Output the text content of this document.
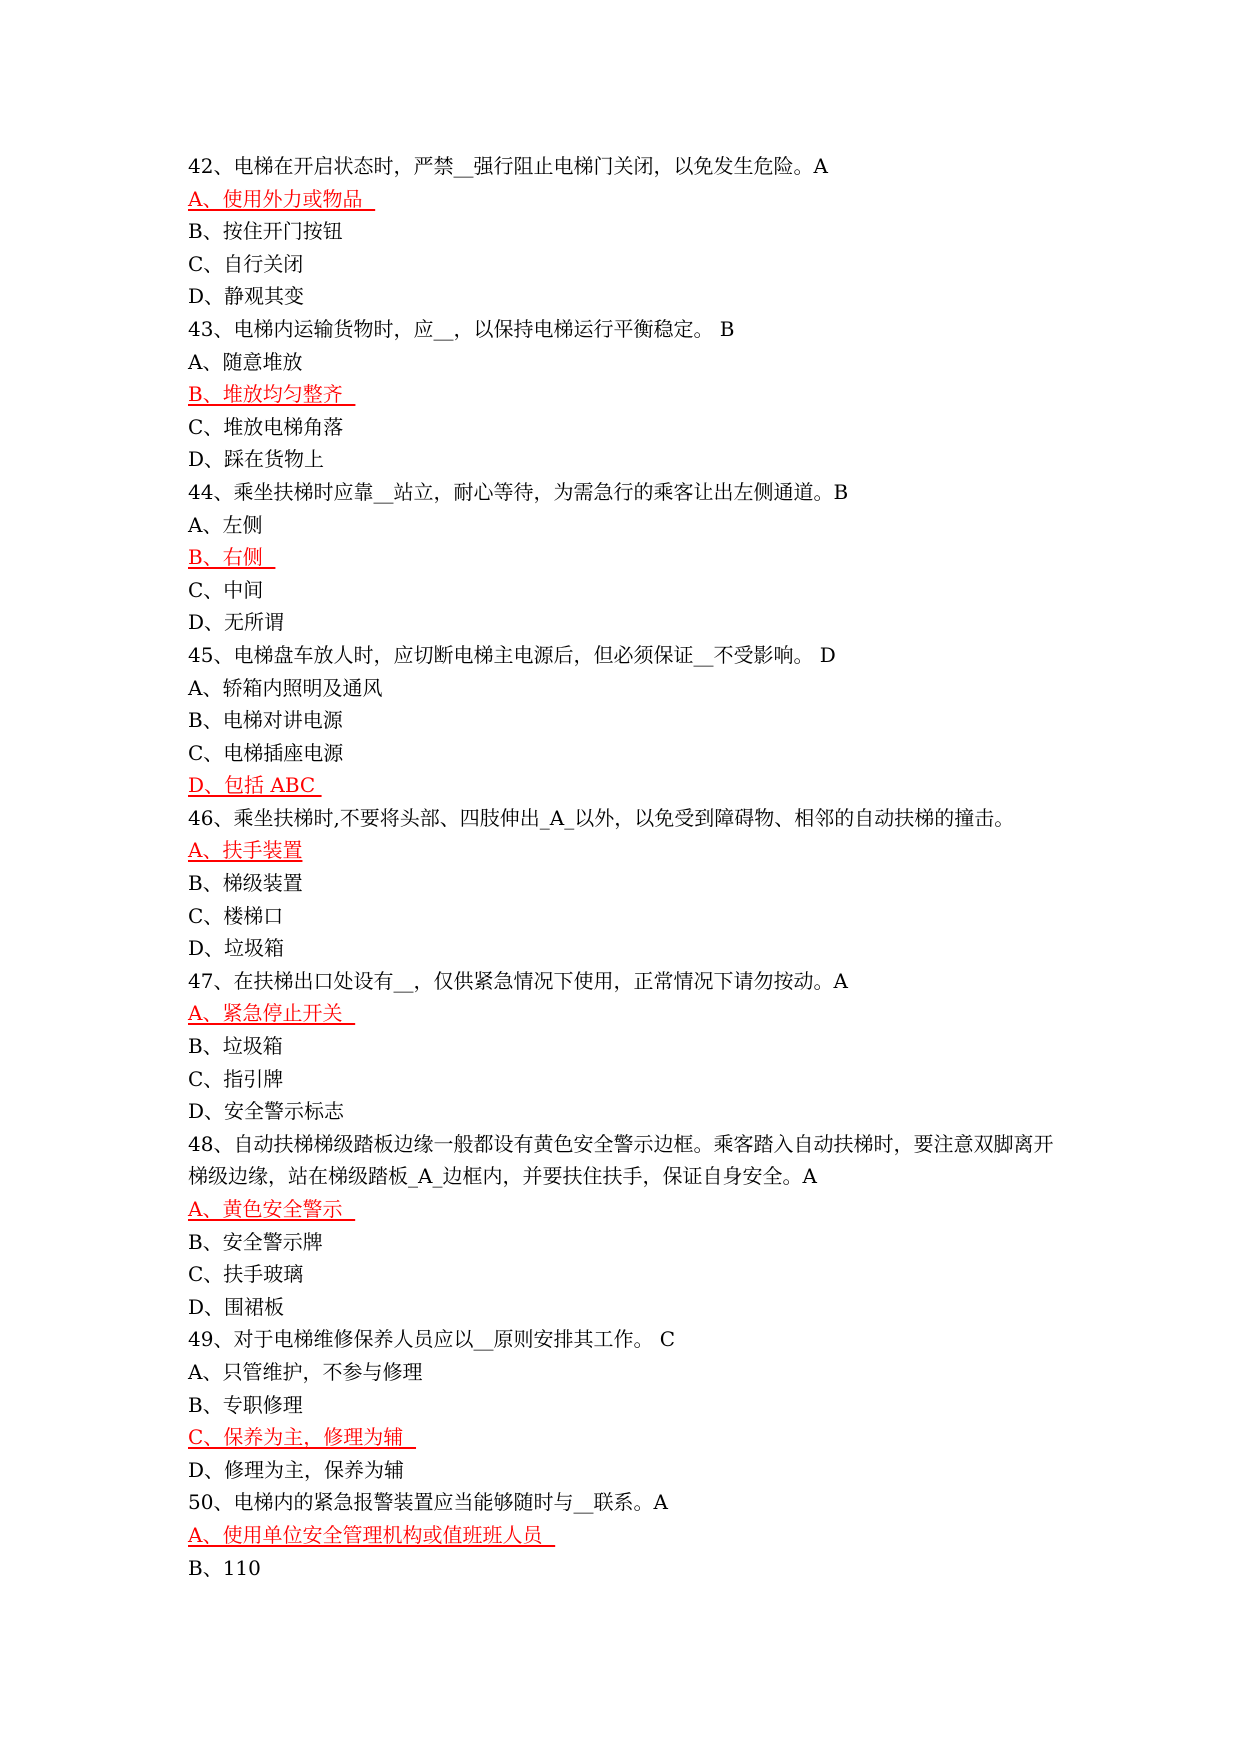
42、电梯在开启状态时，严禁__强行阻止电梯门关闭，以免发生危险。A
A、使用外力或物品
B、按住开门按钮
C、自行关闭
D、静观其变
43、电梯内运输货物时，应__，以保持电梯运行平衡稳定。 B
A、随意堆放
B、堆放均匀整齐
C、堆放电梯角落
D、踩在货物上
44、乘坐扶梯时应靠__站立，耐心等待，为需急行的乘客让出左侧通道。B
A、左侧
B、右侧
C、中间
D、无所谓
45、电梯盘车放人时，应切断电梯主电源后，但必须保证__不受影响。 D
A、轿箱内照明及通风
B、电梯对讲电源
C、电梯插座电源
D、包括 ABC
46、乘坐扶梯时,不要将头部、四肢伸出_A_以外，以免受到障碍物、相邻的自动扶梯的撞击。
A、扶手装置
B、梯级装置
C、楼梯口
D、垃圾箱
47、在扶梯出口处设有__，仅供紧急情况下使用，正常情况下请勿按动。A
A、紧急停止开关
B、垃圾箱
C、指引牌
D、安全警示标志
48、自动扶梯梯级踏板边缘一般都设有黄色安全警示边框。乘客踏入自动扶梯时，要注意双脚离开梯级边缘，站在梯级踏板_A_边框内，并要扶住扶手，保证自身安全。A
A、黄色安全警示
B、安全警示牌
C、扶手玻璃
D、围裙板
49、对于电梯维修保养人员应以__原则安排其工作。 C
A、只管维护，不参与修理
B、专职修理
C、保养为主，修理为辅
D、修理为主，保养为辅
50、电梯内的紧急报警装置应当能够随时与__联系。A
A、使用单位安全管理机构或值班班人员
B、110
